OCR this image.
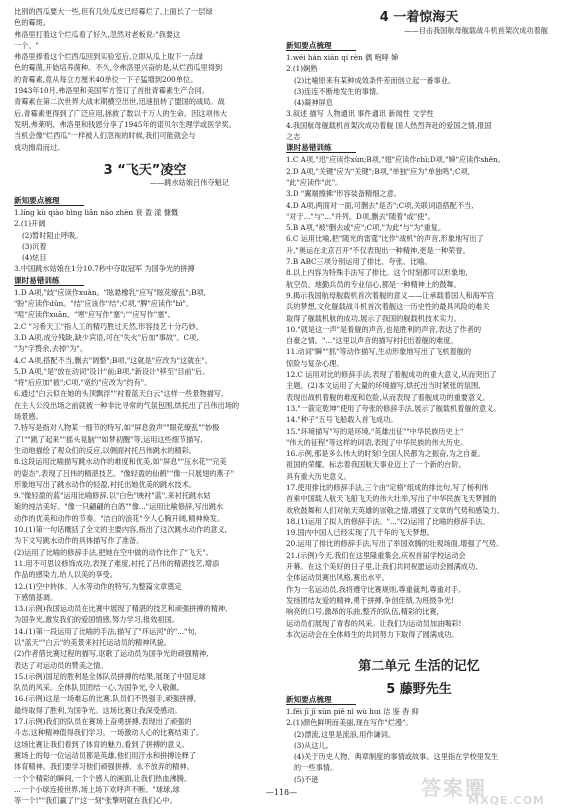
比别的西瓜要大一些,但有几处瓜皮已经霉烂了,上面长了一层绿
色的霉斑。
弗洛里打着这个烂瓜看了好久,忽然对老板说:"我要这
一个。"
弗洛里捧着这个烂西瓜回到实验室后,立即从瓜上取下一点绿
色的霉菌,开始培养菌种。不久,令弗洛里兴奋的是,从烂西瓜里得到
的青霉素,竟从每立方厘米40单位一下子猛增到200单位。
1943年10月,弗洛里和美国军方签订了首批青霉素生产合同。
青霉素在第二次世界大战末期横空出世,迅速扭转了盟国的战局。战
后,青霉素更得到了广泛应用,拯救了数以千万人的生命。因这项伟大
发明,弗莱明、弗洛里和钱恩分享了1945年的诺贝尔生理学或医学奖。
当机会像"烂西瓜"一样被人们忽视的时候,我们可能就会与
成功擦肩而过。
3 “飞天”凌空
——跳水姑娘吕伟夺魁记
新知要点梳理
1.líng kù qiào bìng liǎn náo zhèn 衰 盈 漾 慷慨
2.(1)开阔
(2)暂时阻止呼吸。
(3)沉着
(4)炫目
3.中国跳水姑娘在1分10.7秒中夺取冠军 为国争光的拼搏
课时易错训练
1.D A项,"歧"应读作xuàn。"眩悬橡乳"应写"眩花缭乱";B项,
"盼"应读作dǔn。"结"应该作"结";C项,"脾"应读作"bì"。
"喧"应读作xuān。"寒"应写作"塞";""应写作"塞"。
2.C "习希天工"指人工的精巧胜过天然,形容技艺十分巧妙。
3.D A项,成分残缺,缺少宾语,可在"失火"后加"事故"。C项,
"为"字赘余,去掉"为"。
4.C A项,搭配不当,删去"调整";B项,"这就是"应改为"这就在"。
5.D A项,"是"放在动词"设计"前;B项,"新设计"移至"目前"后。
"将"后应加"被";C项,"宽约"应改为"约有"。
6.通过"白云似在她的头顶飘浮""衬着蓝天白云"这样一些景物描写,
在主人公没出场之前就被一种非比寻常的气氛包围,烘托出了吕伟出场的
场景感。
7.特写是指对人物某一细节的特写,如"屏息敛声""眼花缭乱""妙极
了!""跳了起来""摇头晃脑""如梦初醒"等,运用这些细节描写,
生动地描绘了观众们的反应,以侧面衬托吕伟跳水的精彩。
8.这段运用比喻描写跳水动作的难度和优美,如"屏息""压水花""完美
的姿态",表现了吕伟的精湛技艺。"像轻盈的仙鹤""像一只展翅的燕子"
形象地写出了跳水动作的轻盈,衬托出她优美的跳水技术。
9."像轻盈的蓝"运用比喻修辞,以"白色"映衬"蓝",来衬托跳水姑
娘的纯洁美好。"像一只翩翩的白鸽""像..."运用比喻修辞,写出跳水
动作的优美和动作的节奏。"洁白的浪花"令人心胸开阔,精神焕发。
10.(1)第一句话概括了全文的主要内容,指出了这次跳水动作的意义,
为下文写跳水动作的具体描写作了准备。
(2)运用了比喻的修辞手法,把她在空中做的动作比作了"飞天"。
11.用不可思议修饰成功,表现了难度,衬托了吕伟的精湛技艺,增添
作品的感染力,给人以美的享受。
12.(1)空中转体、入水等动作的特写,为整篇文章奠定
下感情基调。
13.(示例)我国运动员在比赛中展现了精湛的技艺和顽强拼搏的精神,
为国争光,激发我们的爱国情感,努力学习,报效祖国。
14.(1)第一段运用了比喻的手法,描写了"环运河"的"..."句,
以"蓝天""白云"的美景来衬托运动员的精神风貌。
(2)作者借比赛过程的描写,讴歌了运动员为国争光的顽强精神,
表达了对运动员的赞美之情。
15.(示例)国足的胜利是全体队员拼搏的结果,展现了中国足球
队员的风采。全体队员团结一心,为国争光,令人敬佩。
16.(示例)这是一场难忘的比赛,队员们不畏强手,顽强拼搏,
最终取得了胜利,为国争光。这场比赛让我深受感动。
17.(示例)我们的队员在赛场上奋勇拼搏,表现出了顽强的
斗志,这种精神值得我们学习。一场激动人心的比赛结束了。
这场比赛让我们看到了体育的魅力,看到了拼搏的意义。
赛场上的每一位运动员都是英雄,他们用汗水和拼搏诠释了
体育精神。我们要学习他们顽强拼搏、永不放弃的精神。
一个个精彩的瞬间,一个个感人的画面,让我们热血沸腾。
...一个小球连接世界,场上场下欢呼声不断。"球球,球
等一个!""我们赢了!"这一刻"张擎明就在我们心中。
4 一着惊海天
——目击我国航母舰载战斗机首架次成功着舰
新知要点梳理
1.wéi hán xián qí rèn 偶 咆哮 婶
2.(1)娴熟
(2)比喻原来有某种成效条件差而创立起一番事业。
(3)连连不断地发生的事情。
(4)凝神屏息
3.叙述 描写 人物通讯 事件通讯 新闻性 文学性
4.我国航母舰载机首架次成功着舰 国人热烈奔赴的爱国之情,报国
之志
课时易错训练
1.C A项,"迅"应读作xùn;B项,"翅"应读作chì;D项,"婶"应读作shěn。
2.D A项,"关键"应为"关键";B项,"单独"应为"单独鸣";C项,
"此"应读作"此"。
3.D "翼端擦拂"形容装备精细之意。
4.D A项,两面对一面,可删去"是否";C项,关联词语搭配不当,
"对于..."与"..."并列。D项,删去"随着"或"使"。
5.B A项,"被"删去或"应";C项,"为此"与"为"重复。
6.C 运用比喻,把"随光的雷霆"比作"战机"的声音,形象地写出了
升,"奥运在北京召开"不仅表现出一种精神,更是一种荣誉。
7.B ABC三项分别运用了排比、夸张、比喻。
8.以上内容为特殊手法写了排比。这个时刻都可以形象地,
航空员、地勤兵员的专业信心,都是一种精神上的鼓舞。
9.揭示我国航母舰载机首次着舰的意义——让承载着国人和海军官
兵的梦想,文化舰载战斗机首次着舰这一历史性的最具风险的难关
取得了舰载机航的成功,展示了我国的舰载机技术实力。
10."就是这一声"是着舰的声音,也是胜利的声音,表达了作者的
自豪之情。"..."这里以声音的描写衬托出着舰的难度。
11.动词"瞬""抓"等动作描写,生动形象地写出了飞机着舰的
惊险与复杂心理。
12.C 运用对比的修辞手法,表现了着舰成功的重大意义,从而突出了
主题。(2)本文运用了大量的环境描写,烘托出当时紧张的氛围,
表现出战机着舰的难度和危险,从而表现了着舰成功的重要意义。
13."一箭定乾坤"使用了夸张的修辞手法,展示了舰载机着舰的意义。
14."种子"五号飞船载人首飞成功。
15."环境描写"写的是环境,"英雄出征""中华民族历史上"
"伟大的征程"等这样的词语,表现了中华民族的伟大历史。
16.示例,那是多么伟大的时刻!全国人民都为之振奋,为之自豪。
祖国的荣耀、标志着我国航天事业迈上了一个新的台阶。
具有重大历史意义。
17.使用排比的修辞手法,三个由"定格"组成的排比句,写了杨利伟
首乘中国载人航天飞船飞天的伟大壮举,写出了中华民族飞天梦圆的
欢欣鼓舞和人们对航天英雄的崇敬之情,增强了文章的气势和感染力。
18.(1)运用了拟人的修辞手法。"..."(2)运用了比喻的修辞手法。
19.国内中国人已经实现了几千年的飞天梦想。
20.运用了排比的修辞手法,写出了举国欢腾的壮观场面,增强了气势。
21.(示例)今天,我们在这里隆重集会,庆祝首届学校运动会
开幕。在这个美好的日子里,让我们共同祝愿运动会圆满成功,
全体运动员赛出风格,赛出水平。
作为一名运动员,我将遵守比赛规则,尊重裁判,尊重对手,
发扬团结友爱的精神,勇于拼搏,争创佳绩,为班级争光!
响亮的口号,激昂的乐曲,整齐的队伍,精彩的比赛,
运动员们展现了青春的风采。让我们为运动员加油喝彩!
本次运动会在全体师生的共同努力下取得了圆满成功。
第二单元 生活的记忆
5 藤野先生
新知要点梳理
1.fēi jī jī xùn piě nì wù hui 诘 鉴 杳 抑
2.(1)颜色鲜明而美丽,现在写作"烂漫"。
(2)漂流,这里是流浪,用作谦词。
(3)从这儿。
(4)关于历史人物、典章制度的事情或故事。这里指在学校里发生
的一些事情。
(5)不逊
—118—	答案圈
MXQE.COM
